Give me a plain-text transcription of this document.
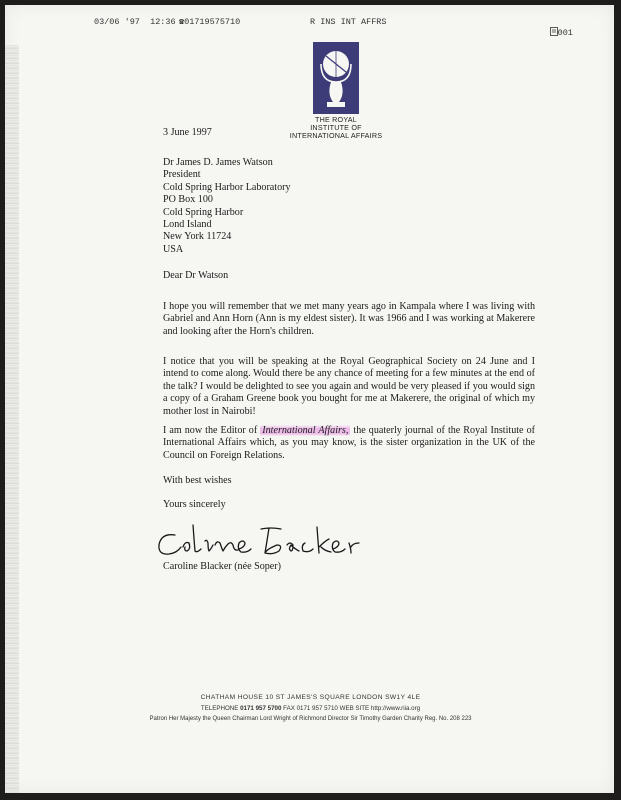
03/06 '97  12:36 ☎01719575710	R INS INT AFFRS

001

THE ROYAL
INSTITUTE OF
INTERNATIONAL AFFAIRS
3 June 1997
Dr James D. James Watson
President
Cold Spring Harbor Laboratory
PO Box 100
Cold Spring Harbor
Lond Island
New York 11724
USA
Dear Dr Watson
I hope you will remember that we met many years ago in Kampala where I was living with Gabriel and Ann Horn (Ann is my eldest sister). It was 1966 and I was working at Makerere and looking after the Horn's children.
I notice that you will be speaking at the Royal Geographical Society on 24 June and I intend to come along. Would there be any chance of meeting for a few minutes at the end of the talk? I would be delighted to see you again and would be very pleased if you would sign a copy of a Graham Greene book you bought for me at Makerere, the original of which my mother lost in Nairobi!
I am now the Editor of International Affairs, the quaterly journal of the Royal Institute of International Affairs which, as you may know, is the sister organization in the UK of the Council on Foreign Relations.
With best wishes
Yours sincerely
Caroline Blacker (née Soper)
CHATHAM HOUSE 10 ST JAMES'S SQUARE LONDON SW1Y 4LE
TELEPHONE 0171 957 5700 FAX 0171 957 5710 WEB SITE http://www.riia.org
Patron Her Majesty the Queen Chairman Lord Wright of Richmond Director Sir Timothy Garden Charity Reg. No. 208 223
